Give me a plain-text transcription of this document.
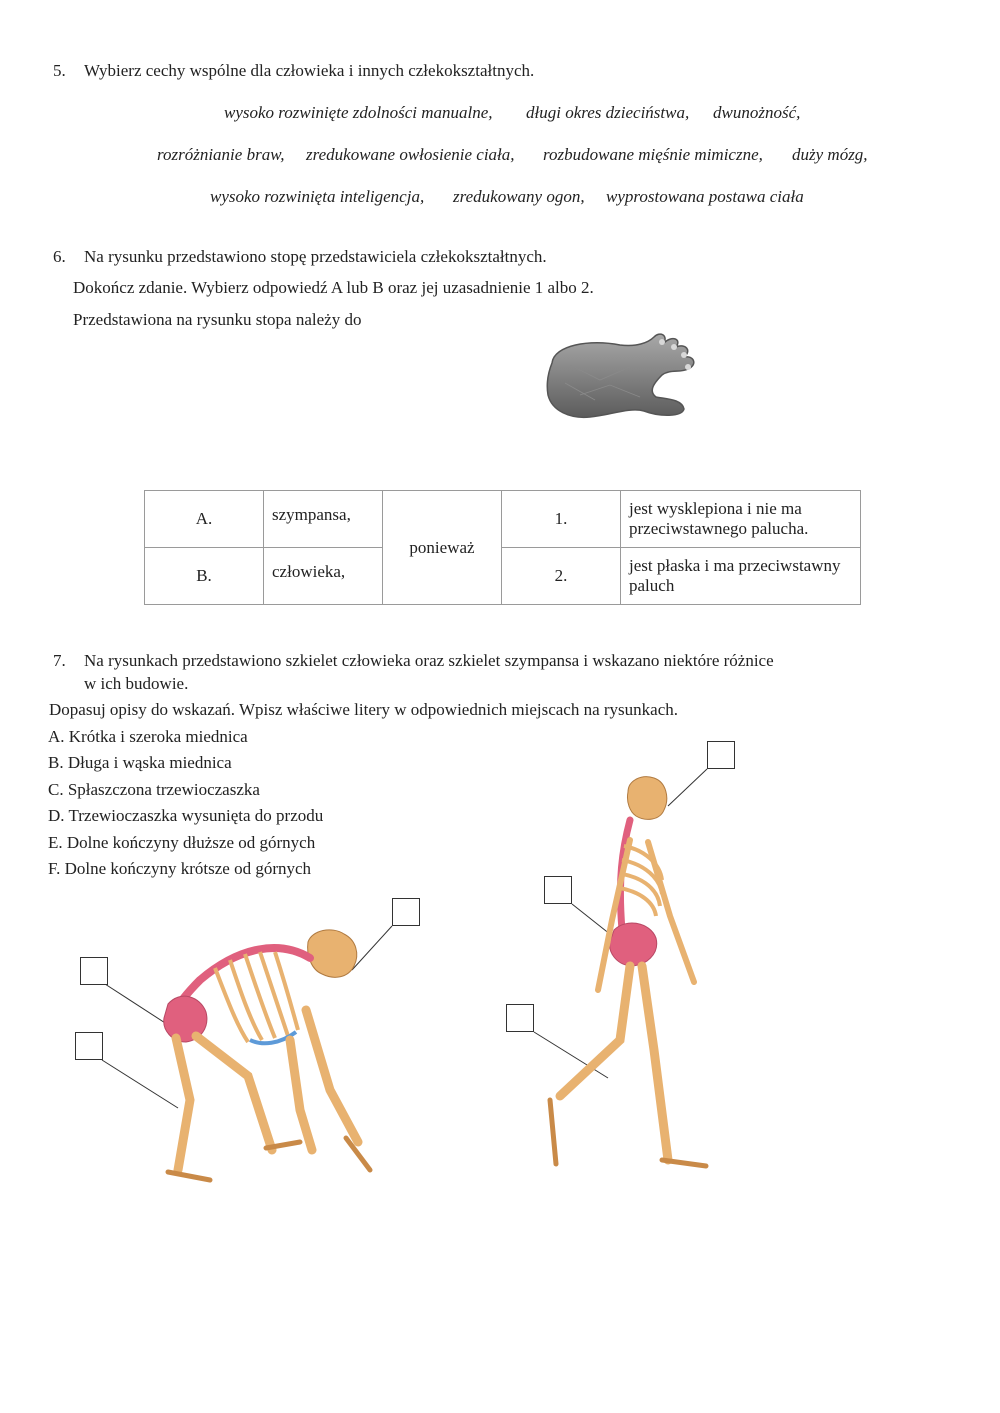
5. Wybierz cechy wspólne dla człowieka i innych człekokształtnych.
wysoko rozwinięte zdolności manualne, długi okres dzieciństwa, dwunożność,
rozróżnianie braw, zredukowane owłosienie ciała, rozbudowane mięśnie mimiczne, duży mózg,
wysoko rozwinięta inteligencja, zredukowany ogon, wyprostowana postawa ciała
6. Na rysunku przedstawiono stopę przedstawiciela człekokształtnych.
Dokończ zdanie. Wybierz odpowiedź A lub B oraz jej uzasadnienie 1 albo 2.
Przedstawiona na rysunku stopa należy do
A.	szympansa,	ponieważ	1.	jest wysklepiona i nie ma przeciwstawnego palucha.
B.	człowieka,		2.	jest płaska i ma przeciwstawny paluch
7. Na rysunkach przedstawiono szkielet człowieka oraz szkielet szympansa i wskazano niektóre różnice
w ich budowie.
Dopasuj opisy do wskazań. Wpisz właściwe litery w odpowiednich miejscach na rysunkach.
A. Krótka i szeroka miednica
B. Długa i wąska miednica
C. Spłaszczona trzewioczaszka
D. Trzewioczaszka wysunięta do przodu
E. Dolne kończyny dłuższe od górnych
F. Dolne kończyny krótsze od górnych
